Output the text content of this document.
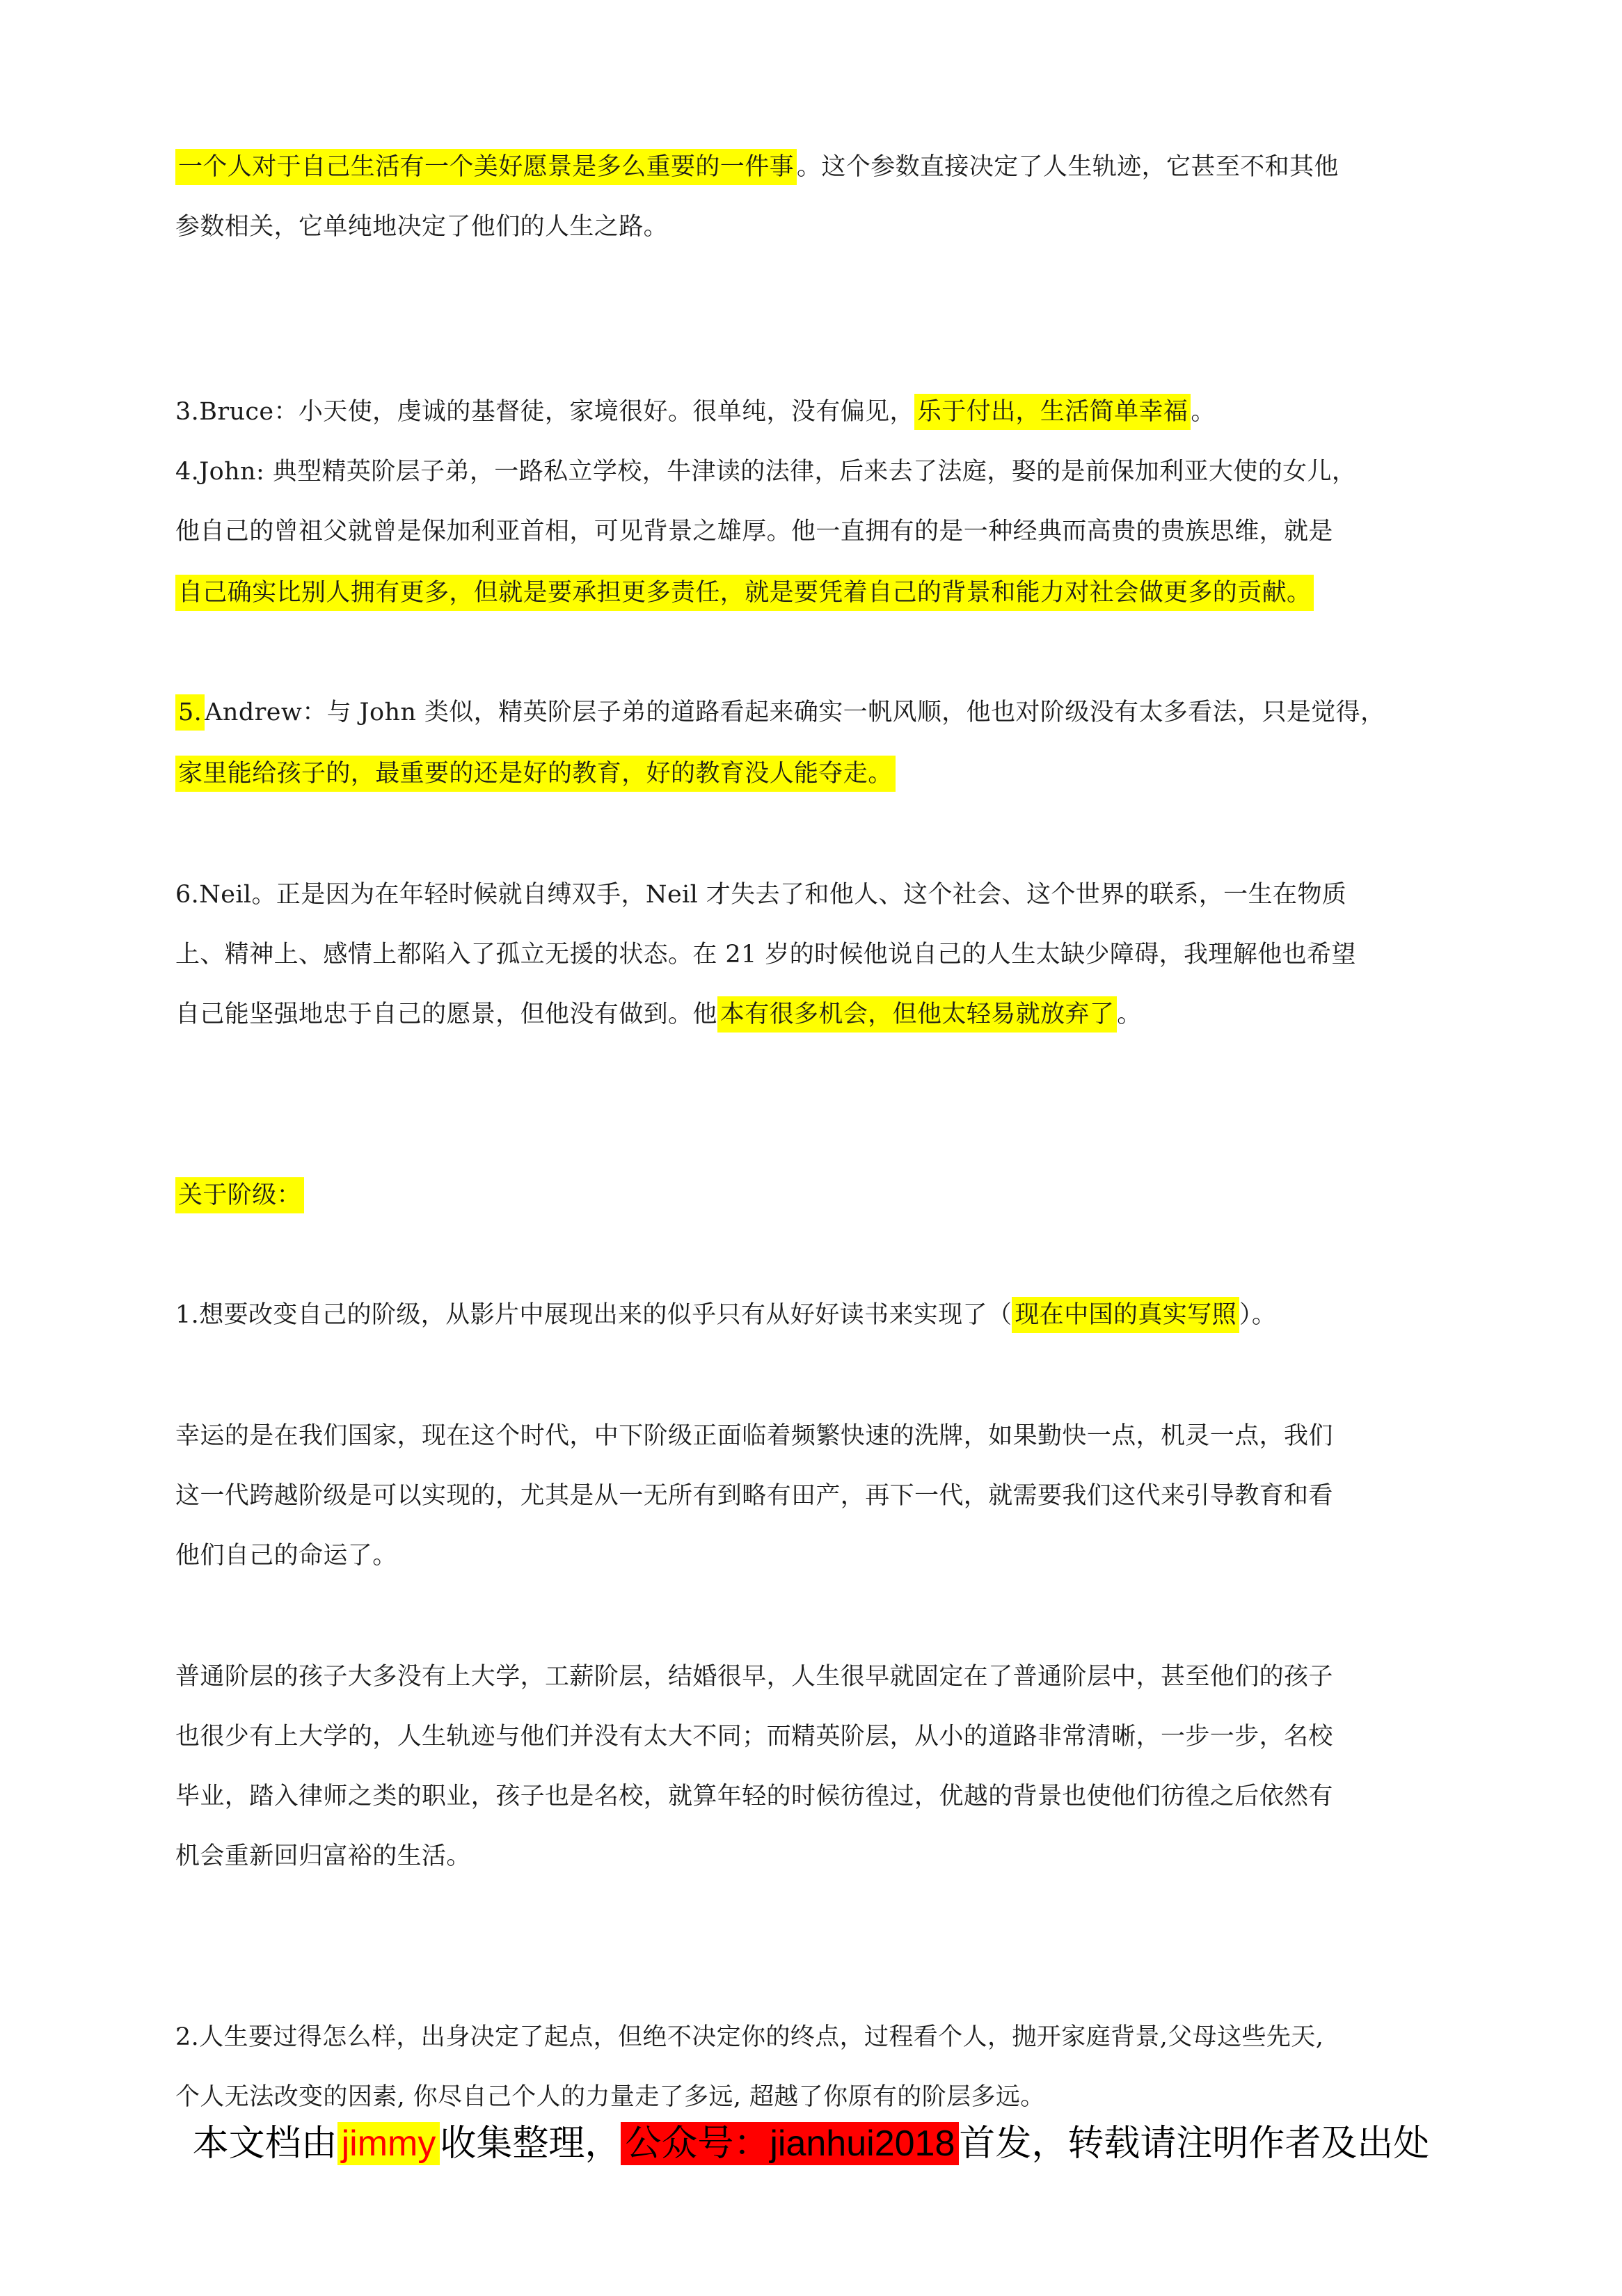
一个人对于自己生活有一个美好愿景是多么重要的一件事 。这个参数直接决定了人生轨迹，它甚至不和其他
参数相关，它单纯地决定了他们的人生之路。
3.Bruce：小天使，虔诚的基督徒，家境很好。很单纯，没有偏见， 乐于付出，生活简单幸福 。
4.John: 典型精英阶层子弟，一路私立学校，牛津读的法律，后来去了法庭，娶的是前保加利亚大使的女儿，
他自己的曾祖父就曾是保加利亚首相，可见背景之雄厚。他一直拥有的是一种经典而高贵的贵族思维，就是
自己确实比别人拥有更多，但就是要承担更多责任，就是要凭着自己的背景和能力对社会做更多的贡献。
5. Andrew：与 John 类似，精英阶层子弟的道路看起来确实一帆风顺，他也对阶级没有太多看法，只是觉得，
家里能给孩子的，最重要的还是好的教育，好的教育没人能夺走。
6.Neil。正是因为在年轻时候就自缚双手，Neil 才失去了和他人、这个社会、这个世界的联系，一生在物质
上、精神上、感情上都陷入了孤立无援的状态。在 21 岁的时候他说自己的人生太缺少障碍，我理解他也希望
自己能坚强地忠于自己的愿景，但他没有做到。他 本有很多机会，但他太轻易就放弃了 。
关于阶级：
1.想要改变自己的阶级，从影片中展现出来的似乎只有从好好读书来实现了（ 现在中国的真实写照 ）。
幸运的是在我们国家，现在这个时代，中下阶级正面临着频繁快速的洗牌，如果勤快一点，机灵一点，我们
这一代跨越阶级是可以实现的，尤其是从一无所有到略有田产，再下一代，就需要我们这代来引导教育和看
他们自己的命运了。
普通阶层的孩子大多没有上大学，工薪阶层，结婚很早，人生很早就固定在了普通阶层中，甚至他们的孩子
也很少有上大学的，人生轨迹与他们并没有太大不同；而精英阶层，从小的道路非常清晰，一步一步，名校
毕业，踏入律师之类的职业，孩子也是名校，就算年轻的时候彷徨过，优越的背景也使他们彷徨之后依然有
机会重新回归富裕的生活。
2.人生要过得怎么样，出身决定了起点，但绝不决定你的终点，过程看个人，抛开家庭背景,父母这些先天,
个人无法改变的因素, 你尽自己个人的力量走了多远, 超越了你原有的阶层多远。
本文档由 jimmy 收集整理， 公众号：jianhui2018 首发，转载请注明作者及出处
